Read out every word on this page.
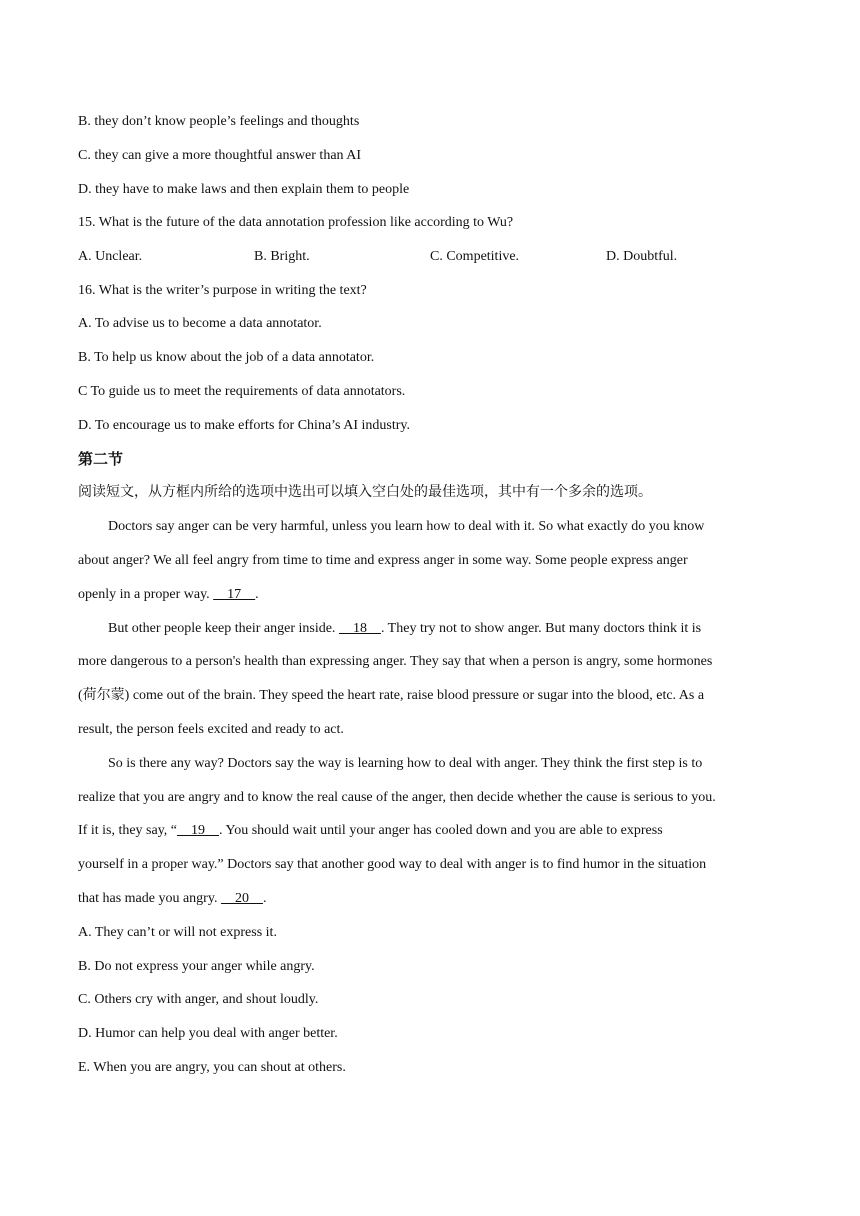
B. they don’t know people’s feelings and thoughts
C. they can give a more thoughtful answer than AI
D. they have to make laws and then explain them to people
15. What is the future of the data annotation profession like according to Wu?
A. Unclear.	B. Bright.	C. Competitive.	D. Doubtful.
16. What is the writer’s purpose in writing the text?
A. To advise us to become a data annotator.
B. To help us know about the job of a data annotator.
C To guide us to meet the requirements of data annotators.
D. To encourage us to make efforts for China’s AI industry.
第二节
阅读短文，从方框内所给的选项中选出可以填入空白处的最佳选项，其中有一个多余的选项。
Doctors say anger can be very harmful, unless you learn how to deal with it. So what exactly do you know
about anger? We all feel angry from time to time and express anger in some way. Some people express anger
openly in a proper way.     17    .
But other people keep their anger inside.     18    . They try not to show anger. But many doctors think it is
more dangerous to a person's health than expressing anger. They say that when a person is angry, some hormones
(荷尔蒙) come out of the brain. They speed the heart rate, raise blood pressure or sugar into the blood, etc. As a
result, the person feels excited and ready to act.
So is there any way? Doctors say the way is learning how to deal with anger. They think the first step is to
realize that you are angry and to know the real cause of the anger, then decide whether the cause is serious to you.
If it is, they say, “    19    . You should wait until your anger has cooled down and you are able to express
yourself in a proper way.” Doctors say that another good way to deal with anger is to find humor in the situation
that has made you angry.     20    .
A. They can’t or will not express it.
B. Do not express your anger while angry.
C. Others cry with anger, and shout loudly.
D. Humor can help you deal with anger better.
E. When you are angry, you can shout at others.
